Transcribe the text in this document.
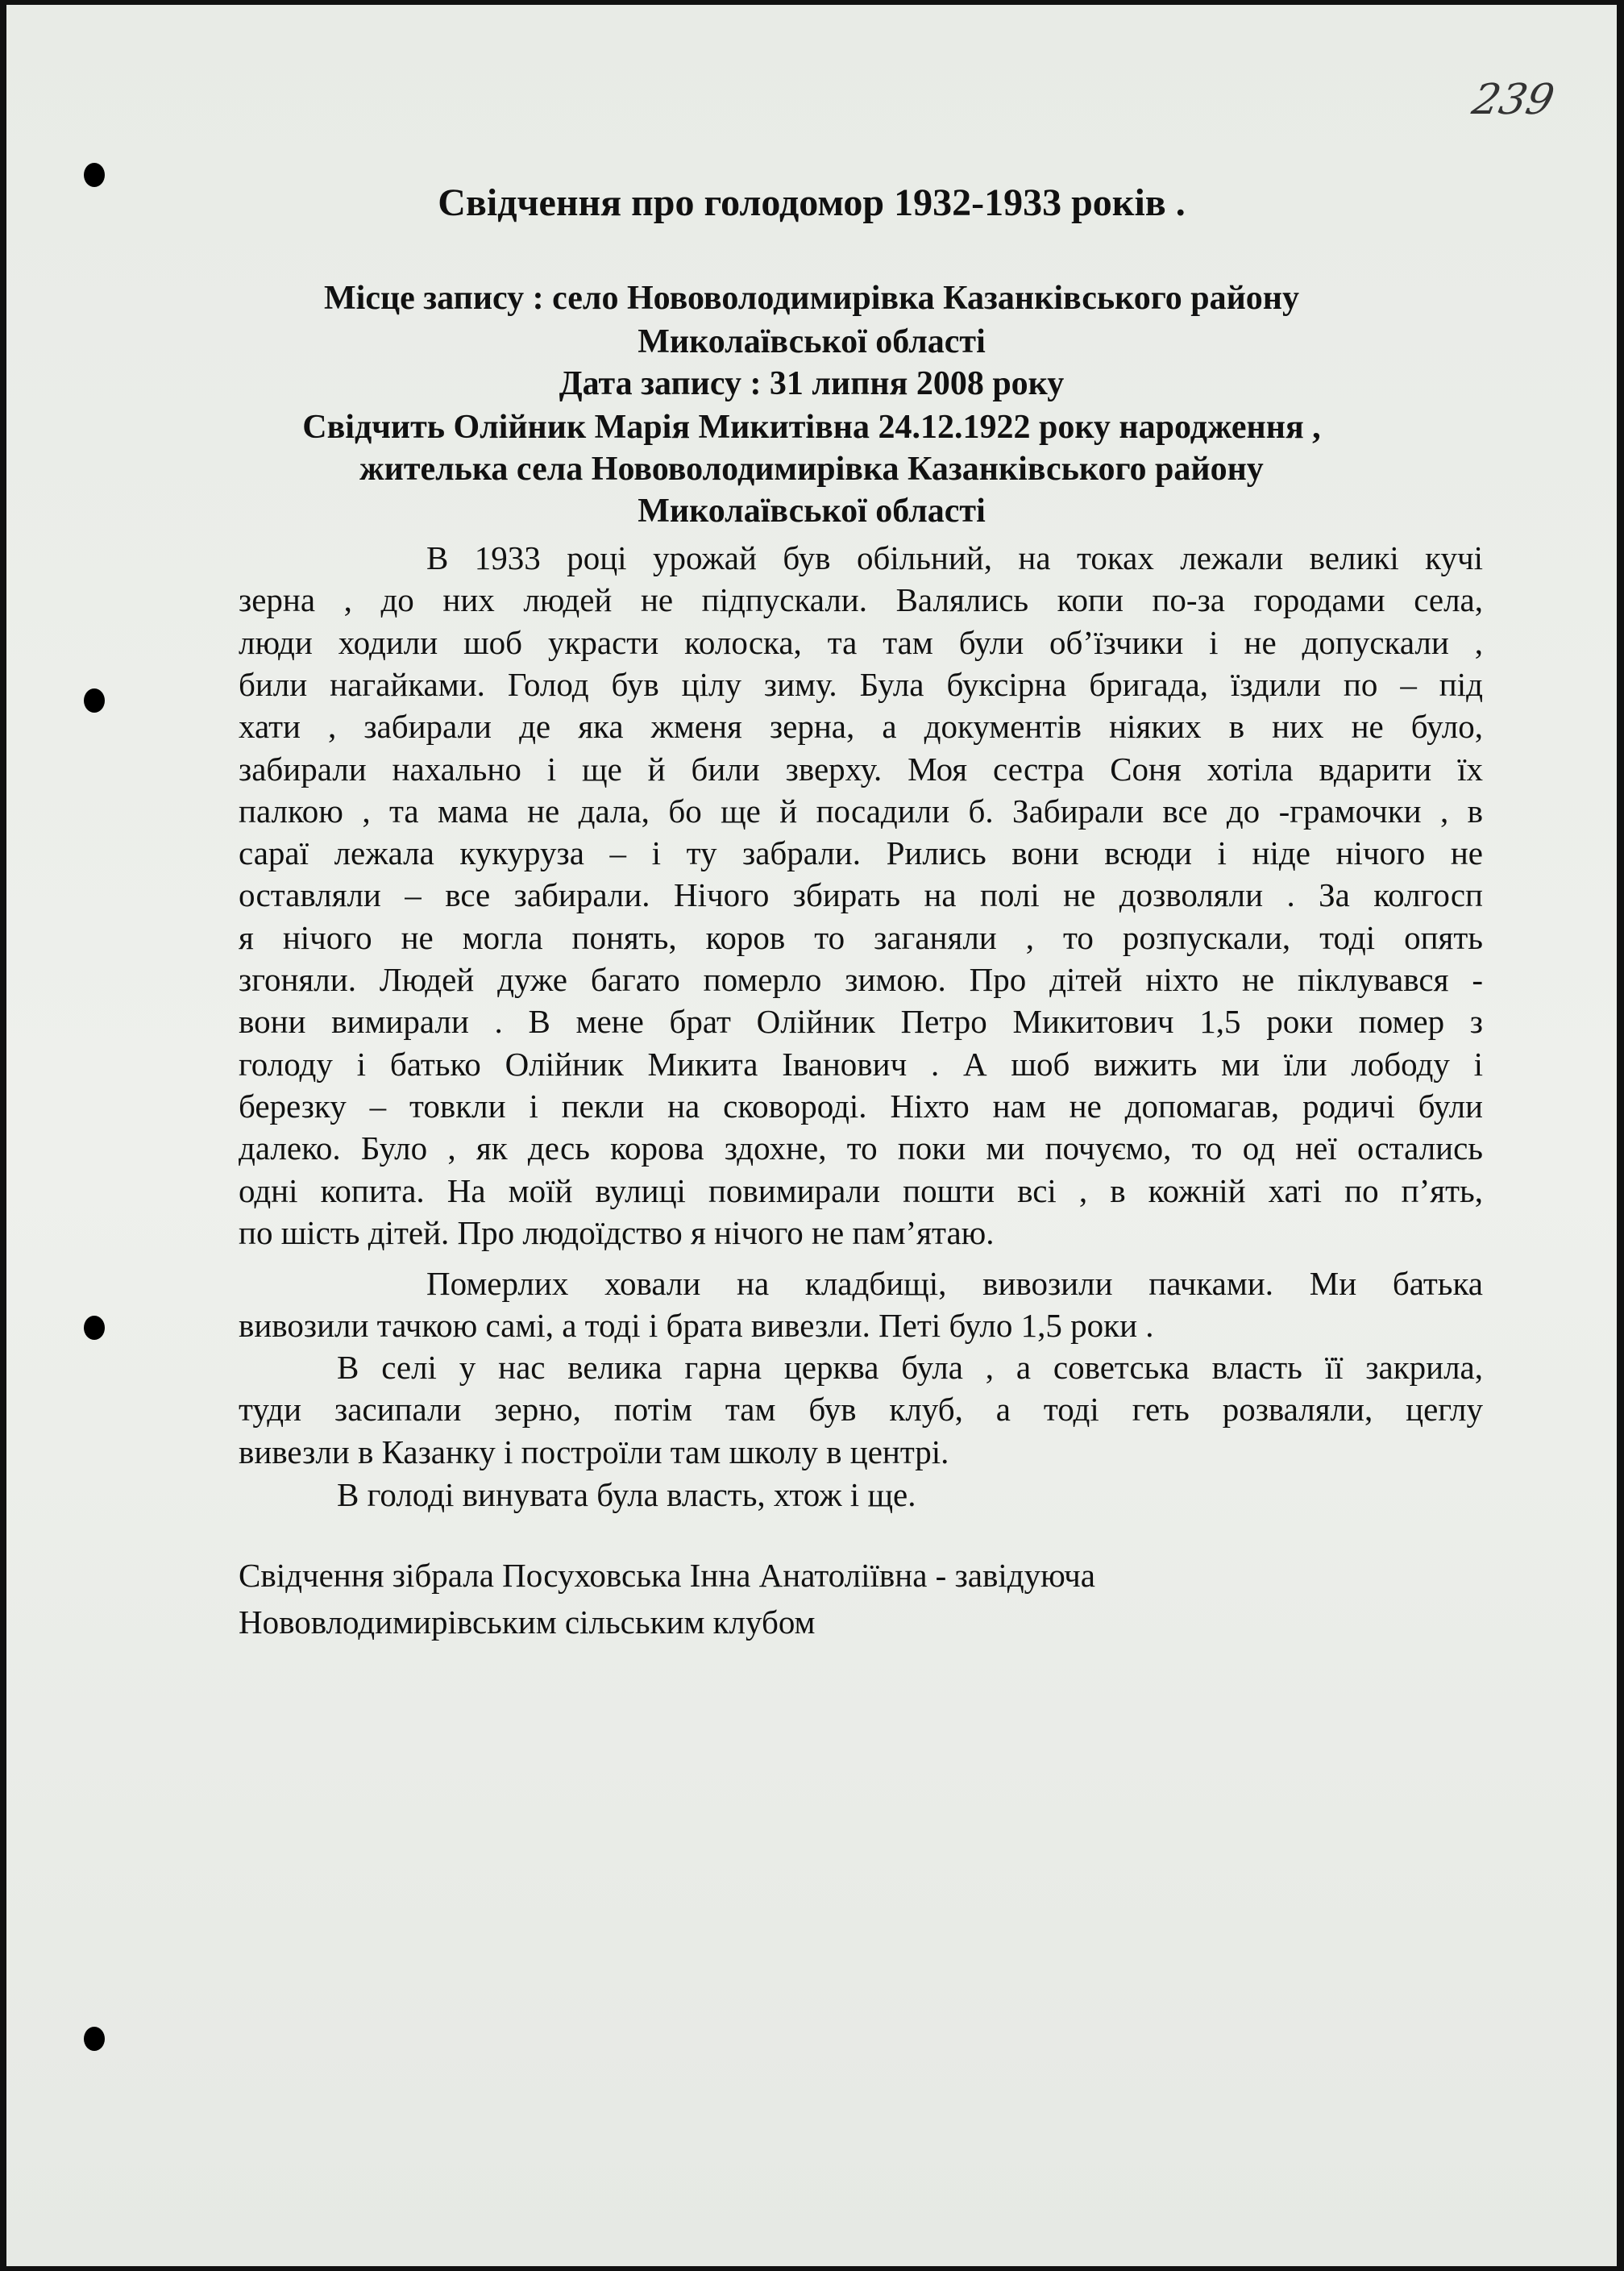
239
Свідчення про голодомор 1932-1933 років .
Місце запису : село Нововолодимирівка Казанківського району
Миколаївської області
Дата запису : 31 липня 2008 року
Свідчить Олійник Марія Микитівна 24.12.1922 року народження ,
жителька села Нововолодимирівка Казанківського району
Миколаївської області
В 1933 році урожай був обільний, на токах лежали великі кучі
зерна , до них людей не підпускали. Валялись копи по-за городами села,
люди ходили шоб украсти колоска, та там були об’їзчики і не допускали ,
били нагайками. Голод був цілу зиму. Була буксірна бригада, їздили по – під
хати , забирали де яка жменя зерна, а документів ніяких в них не було,
забирали нахально і ще й били зверху. Моя сестра Соня хотіла вдарити їх
палкою , та мама не дала, бо ще й посадили б. Забирали все до -грамочки , в
сараї лежала кукуруза – і ту забрали. Рились вони всюди і ніде нічого не
оставляли – все забирали. Нічого збирать на полі не дозволяли . За колгосп
я нічого не могла понять, коров то заганяли , то розпускали, тоді опять
згоняли. Людей дуже багато померло зимою. Про дітей ніхто не піклувався -
вони вимирали . В мене брат Олійник Петро Микитович 1,5 роки помер з
голоду і батько Олійник Микита Іванович . А шоб вижить ми їли лободу і
березку – товкли і пекли на сковороді. Ніхто нам не допомагав, родичі були
далеко. Було , як десь корова здохне, то поки ми почуємо, то од неї остались
одні копита. На моїй вулиці повимирали пошти всі , в кожній хаті по п’ять,
по шість дітей. Про людоїдство я нічого не пам’ятаю.
Померлих ховали на кладбищі, вивозили пачками. Ми батька
вивозили тачкою самі, а тоді і брата вивезли. Петі було 1,5 роки .
В селі у нас велика гарна церква була , а советська власть її закрила,
туди засипали зерно, потім там був клуб, а тоді геть розваляли, цеглу
вивезли в Казанку і построїли там школу в центрі.
В голоді винувата була власть, хтож і ще.
Свідчення зібрала Посуховська Інна Анатоліївна - завідуюча
Нововлодимирівським сільським клубом
